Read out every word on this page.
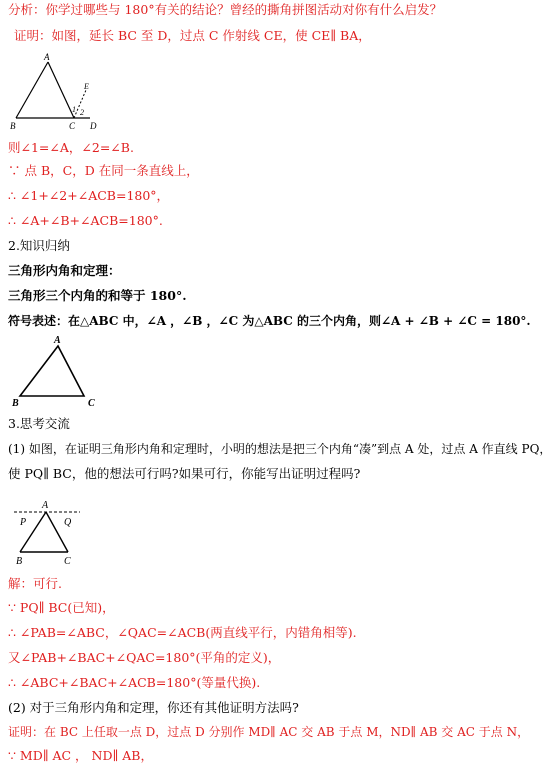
分析：你学过哪些与 180°有关的结论？曾经的撕角拼图活动对你有什么启发？
证明：如图，延长 BC 至 D，过点 C 作射线 CE，使 CE∥ BA，
A
B	C D
E
1 2
则∠1=∠A，∠2=∠B.
∵ 点 B，C，D 在同一条直线上，
∴ ∠1+∠2+∠ACB=180°，
∴ ∠A+∠B+∠ACB=180°.
2.知识归纳
三角形内角和定理：
三角形三个内角的和等于 180°.
符号表述：在△ABC 中，∠A ，∠B ，∠C 为△ABC 的三个内角，则∠A + ∠B + ∠C = 180°.
A
B	C
3.思考交流
(1) 如图，在证明三角形内角和定理时，小明的想法是把三个内角“凑”到点 A 处，过点 A 作直线 PQ，
使 PQ∥ BC，他的想法可行吗?如果可行，你能写出证明过程吗?
A
P	Q
B	C
解：可行.
∵ PQ∥ BC(已知)，
∴ ∠PAB=∠ABC，∠QAC=∠ACB(两直线平行，内错角相等).
又∠PAB+∠BAC+∠QAC=180°(平角的定义)，
∴ ∠ABC+∠BAC+∠ACB=180°(等量代换).
(2) 对于三角形内角和定理，你还有其他证明方法吗?
证明：在 BC 上任取一点 D，过点 D 分别作 MD∥ AC 交 AB 于点 M，ND∥ AB 交 AC 于点 N，
∵ MD∥ AC ， ND∥ AB，
